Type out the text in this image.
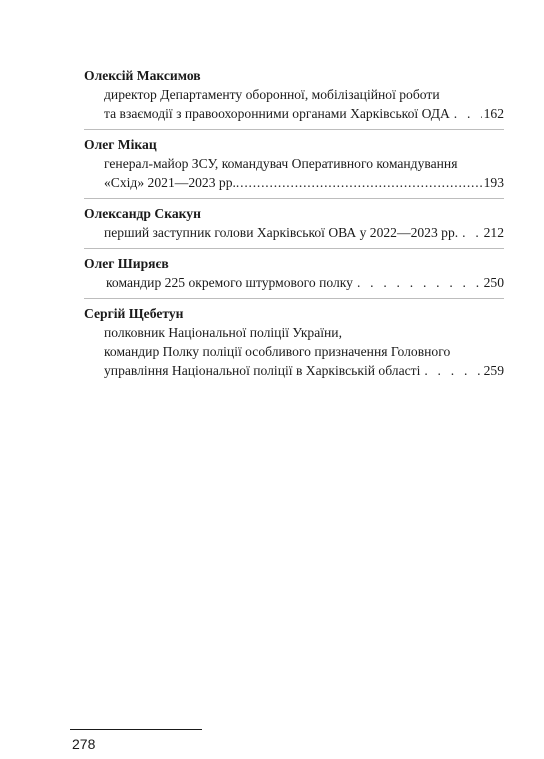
Олексій Максимов
директор Департаменту оборонної, мобілізаційної роботи
та взаємодії з правоохоронними органами Харківської ОДА . . . 162
Олег Мікац
генерал-майор ЗСУ, командувач Оперативного командування
«Схід» 2021—2023 рр. .....	193
Олександр Скакун
перший заступник голови Харківської ОВА у 2022—2023 рр. . . . 212
Олег Ширяєв
командир 225 окремого штурмового полку . . .	250
Сергій Щебетун
полковник Національної поліції України,
командир Полку поліції особливого призначення Головного
управління Національної поліції в Харківській області . . .	259
278
